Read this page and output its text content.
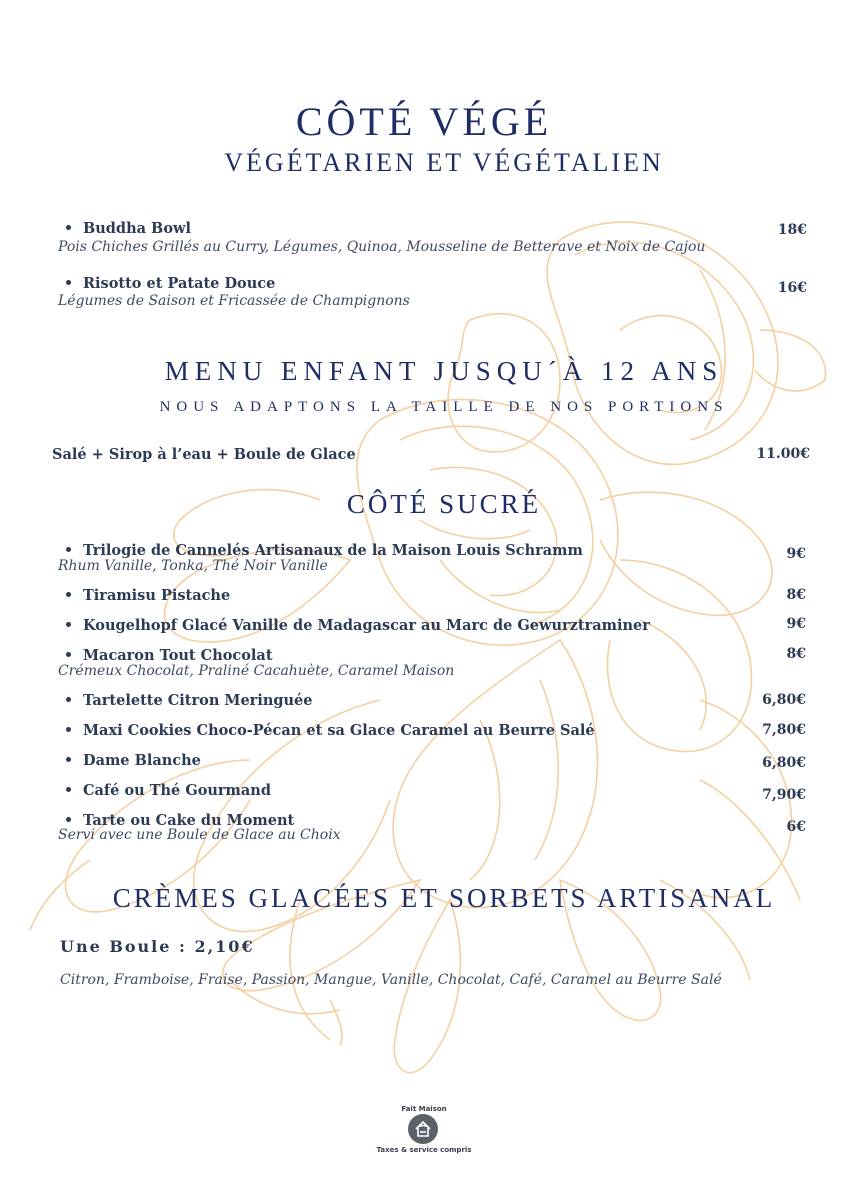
CÔTÉ VÉGÉ
VÉGÉTARIEN ET VÉGÉTALIEN
Buddha Bowl
Pois Chiches Grillés au Curry, Légumes, Quinoa, Mousseline de Betterave et Noix de Cajou
18€
Risotto et Patate Douce
Légumes de Saison et Fricassée de Champignons
16€
MENU ENFANT JUSQU´À 12 ANS
NOUS ADAPTONS LA TAILLE DE NOS PORTIONS
Salé + Sirop à l’eau + Boule de Glace	11.00€
CÔTÉ SUCRÉ
Trilogie de Cannelés Artisanaux de la Maison Louis Schramm
Rhum Vanille, Tonka, Thé Noir Vanille
9€
Tiramisu Pistache	8€
Kougelhopf Glacé Vanille de Madagascar au Marc de Gewurztraminer	9€
Macaron Tout Chocolat
Crémeux Chocolat, Praliné Cacahuète, Caramel Maison
8€
Tartelette Citron Meringuée	6,80€
Maxi Cookies Choco-Pécan et sa Glace Caramel au Beurre Salé	7,80€
Dame Blanche	6,80€
Café ou Thé Gourmand	7,90€
Tarte ou Cake du Moment
Servi avec une Boule de Glace au Choix	6€
CRÈMES GLACÉES ET SORBETS ARTISANAL
Une Boule : 2,10€
Citron, Framboise, Fraise, Passion, Mangue, Vanille, Chocolat, Café, Caramel au Beurre Salé
Fait Maison
Taxes & service compris
